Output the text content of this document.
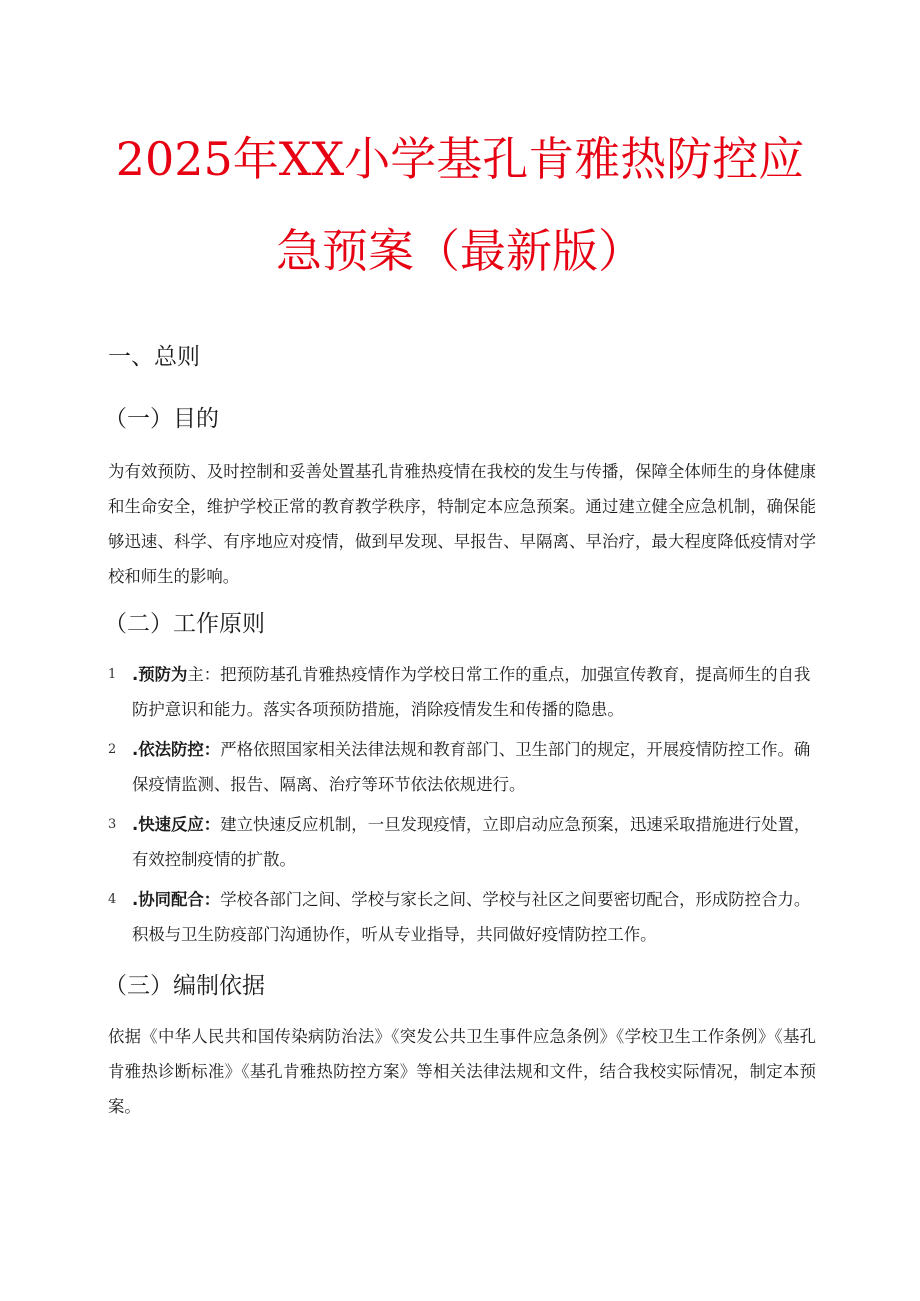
2025年XX小学基孔肯雅热防控应
急预案（最新版）
一、总则
（一）目的
为有效预防、及时控制和妥善处置基孔肯雅热疫情在我校的发生与传播，保障全体师生的身体健康和生命安全，维护学校正常的教育教学秩序，特制定本应急预案。通过建立健全应急机制，确保能够迅速、科学、有序地应对疫情，做到早发现、早报告、早隔离、早治疗，最大程度降低疫情对学校和师生的影响。
（二）工作原则
1 .预防为主：把预防基孔肯雅热疫情作为学校日常工作的重点，加强宣传教育，提高师生的自我防护意识和能力。落实各项预防措施，消除疫情发生和传播的隐患。
2 .依法防控：严格依照国家相关法律法规和教育部门、卫生部门的规定，开展疫情防控工作。确保疫情监测、报告、隔离、治疗等环节依法依规进行。
3 .快速反应：建立快速反应机制，一旦发现疫情，立即启动应急预案，迅速采取措施进行处置，有效控制疫情的扩散。
4 .协同配合：学校各部门之间、学校与家长之间、学校与社区之间要密切配合，形成防控合力。积极与卫生防疫部门沟通协作，听从专业指导，共同做好疫情防控工作。
（三）编制依据
依据《中华人民共和国传染病防治法》《突发公共卫生事件应急条例》《学校卫生工作条例》《基孔肯雅热诊断标准》《基孔肯雅热防控方案》等相关法律法规和文件，结合我校实际情况，制定本预案。
